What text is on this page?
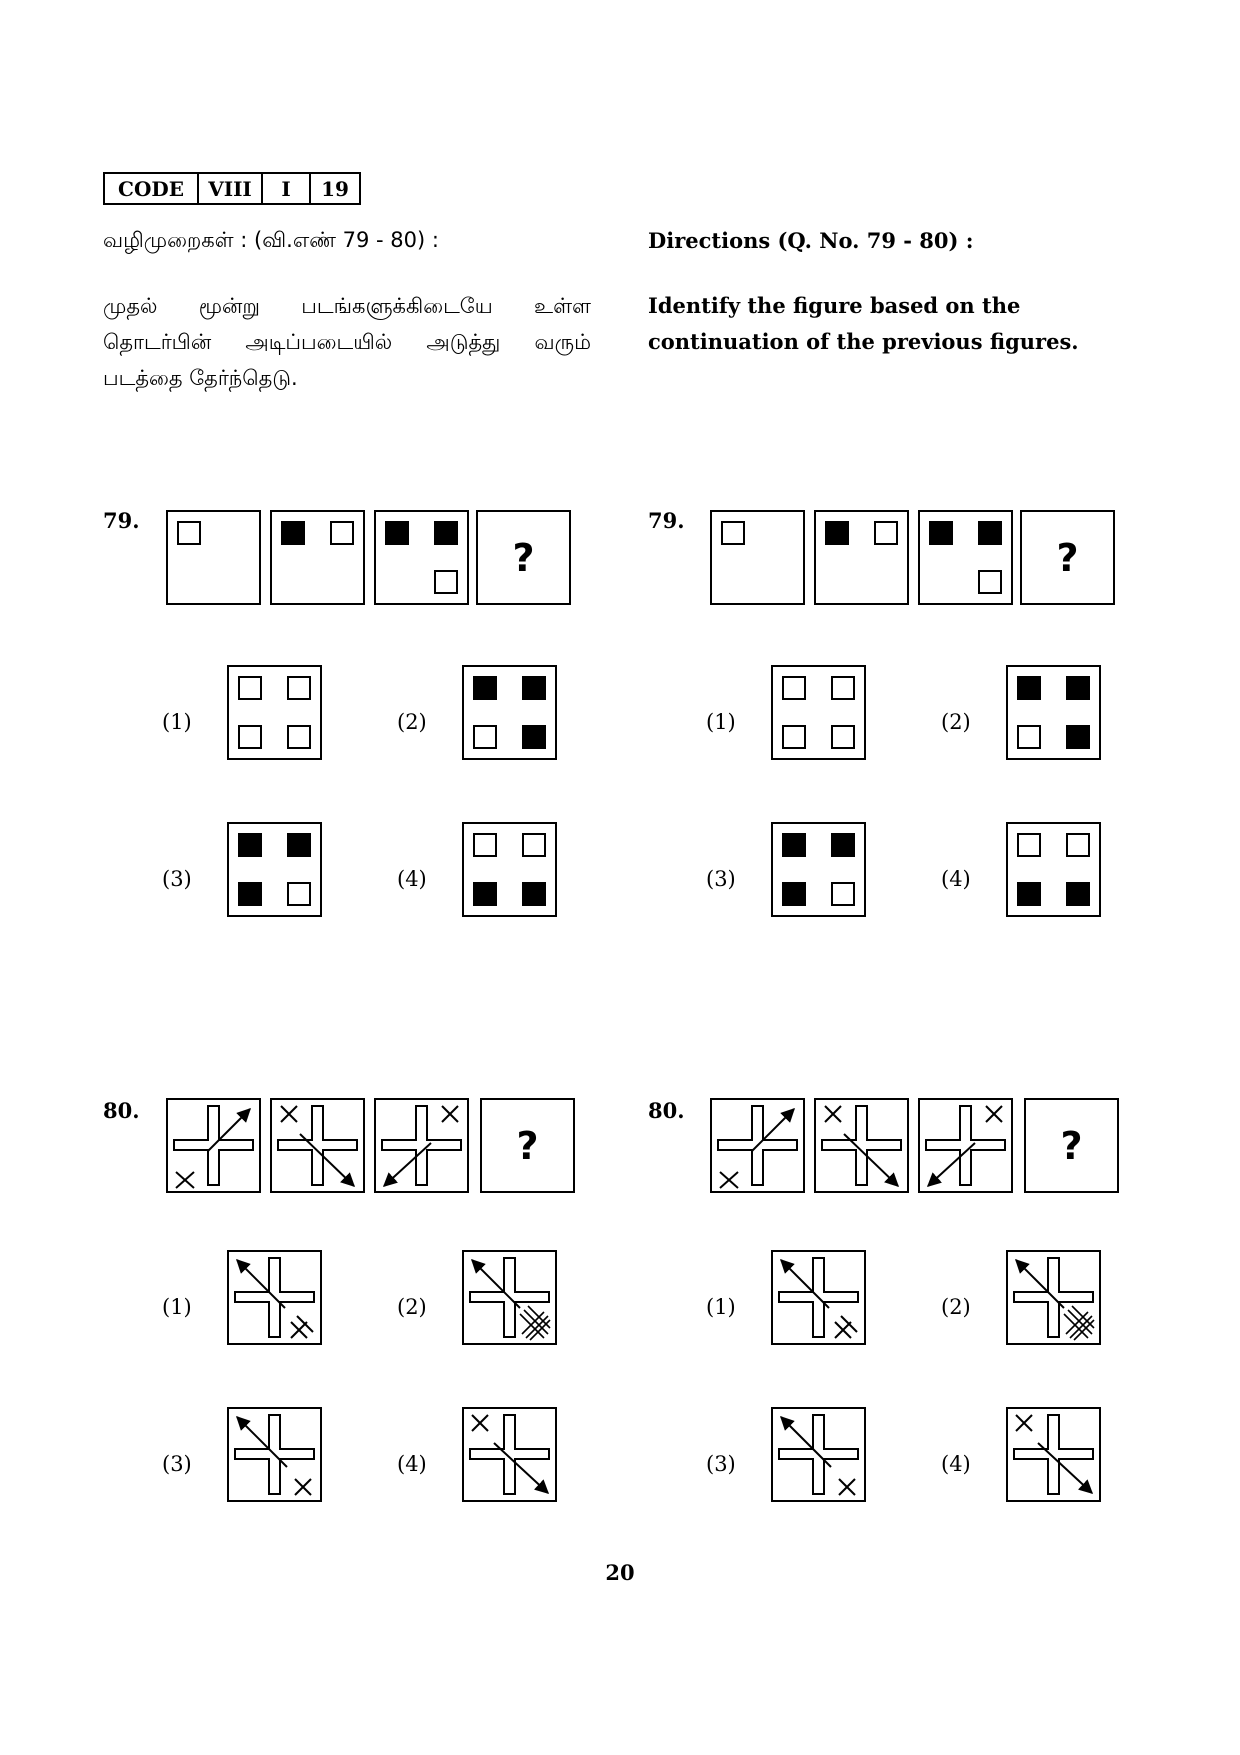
CODE	VIII	I	19
வழிமுறைகள் : (வி.எண் 79 - 80) :	Directions (Q. No. 79 - 80) :
முதல் மூன்று படங்களுக்கிடையே உள்ள தொடர்பின் அடிப்படையில் அடுத்து வரும் படத்தை தேர்ந்தெடு.
Identify the figure based on the continuation of the previous figures.
79.
?
(1)	(2)
(3)	(4)
80.
?
(1)	(2)
(3)	(4)
79.
?
(1)	(2)
(3)	(4)
80.
?
(1)	(2)
(3)	(4)
20
